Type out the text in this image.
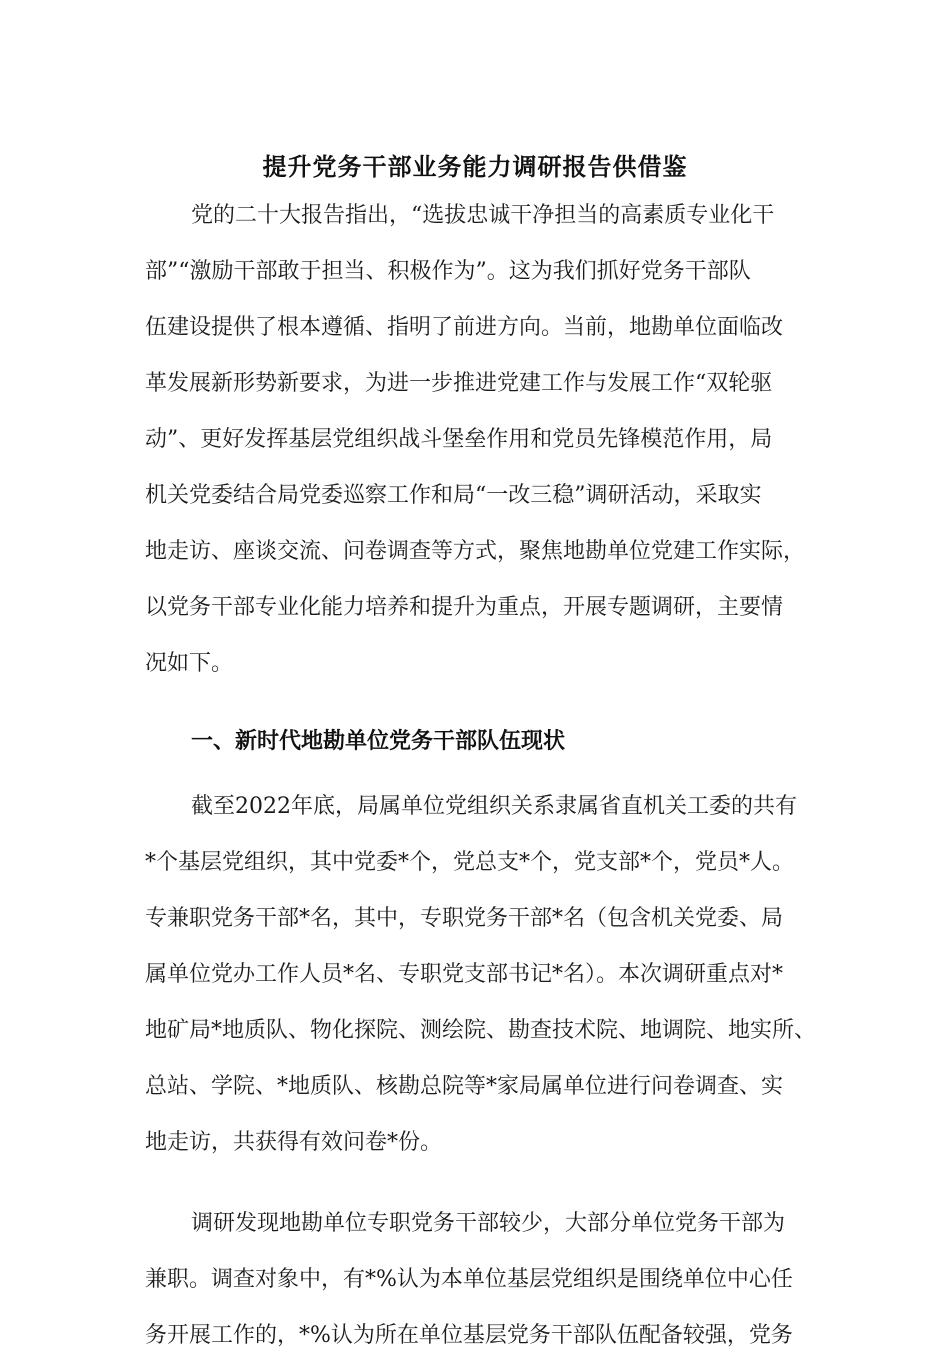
提升党务干部业务能力调研报告供借鉴
党的二十大报告指出，“选拔忠诚干净担当的高素质专业化干
部”“激励干部敢于担当、积极作为”。这为我们抓好党务干部队
伍建设提供了根本遵循、指明了前进方向。当前，地勘单位面临改
革发展新形势新要求，为进一步推进党建工作与发展工作“双轮驱
动”、更好发挥基层党组织战斗堡垒作用和党员先锋模范作用，局
机关党委结合局党委巡察工作和局“一改三稳”调研活动，采取实
地走访、座谈交流、问卷调查等方式，聚焦地勘单位党建工作实际，
以党务干部专业化能力培养和提升为重点，开展专题调研，主要情
况如下。
一、新时代地勘单位党务干部队伍现状
截至2022年底，局属单位党组织关系隶属省直机关工委的共有
*个基层党组织，其中党委*个，党总支*个，党支部*个，党员*人。
专兼职党务干部*名，其中，专职党务干部*名（包含机关党委、局
属单位党办工作人员*名、专职党支部书记*名）。本次调研重点对*
地矿局*地质队、物化探院、测绘院、勘查技术院、地调院、地实所、
总站、学院、*地质队、核勘总院等*家局属单位进行问卷调查、实
地走访，共获得有效问卷*份。
调研发现地勘单位专职党务干部较少，大部分单位党务干部为
兼职。调查对象中，有*%认为本单位基层党组织是围绕单位中心任
务开展工作的，*%认为所在单位基层党务干部队伍配备较强，党务
